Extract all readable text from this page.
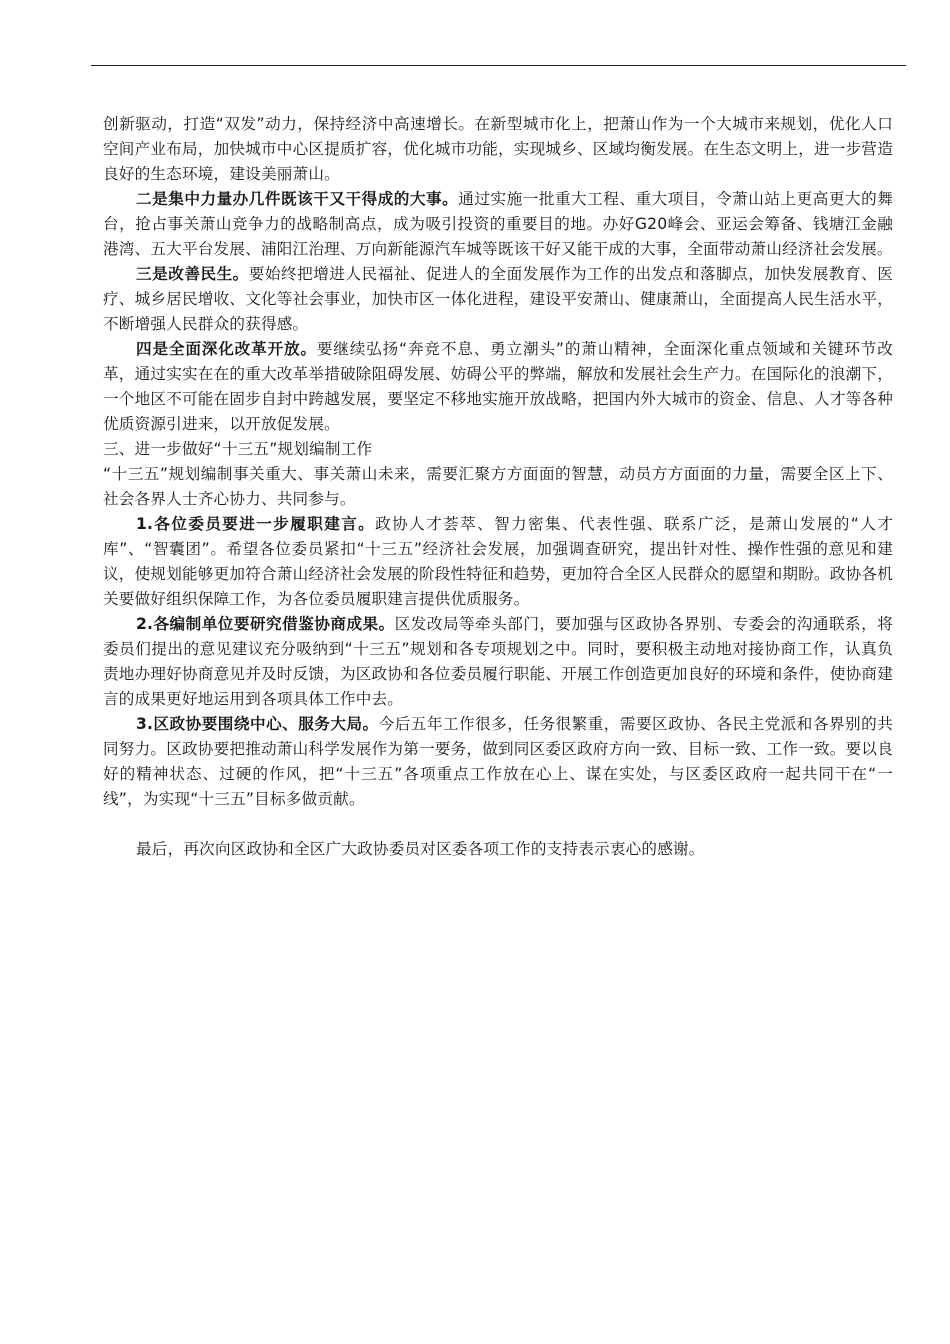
创新驱动，打造“双发”动力，保持经济中高速增长。在新型城市化上，把萧山作为一个大城市来规划，优化人口空间产业布局，加快城市中心区提质扩容，优化城市功能，实现城乡、区域均衡发展。在生态文明上，进一步营造良好的生态环境，建设美丽萧山。

二是集中力量办几件既该干又干得成的大事。通过实施一批重大工程、重大项目，令萧山站上更高更大的舞台，抢占事关萧山竞争力的战略制高点，成为吸引投资的重要目的地。办好G20峰会、亚运会筹备、钱塘江金融港湾、五大平台发展、浦阳江治理、万向新能源汽车城等既该干好又能干成的大事，全面带动萧山经济社会发展。

三是改善民生。要始终把增进人民福祉、促进人的全面发展作为工作的出发点和落脚点，加快发展教育、医疗、城乡居民增收、文化等社会事业，加快市区一体化进程，建设平安萧山、健康萧山，全面提高人民生活水平，不断增强人民群众的获得感。

四是全面深化改革开放。要继续弘扬“奔竞不息、勇立潮头”的萧山精神，全面深化重点领域和关键环节改革，通过实实在在的重大改革举措破除阻碍发展、妨碍公平的弊端，解放和发展社会生产力。在国际化的浪潮下，一个地区不可能在固步自封中跨越发展，要坚定不移地实施开放战略，把国内外大城市的资金、信息、人才等各种优质资源引进来，以开放促发展。

三、进一步做好“十三五”规划编制工作

“十三五”规划编制事关重大、事关萧山未来，需要汇聚方方面面的智慧，动员方方面面的力量，需要全区上下、社会各界人士齐心协力、共同参与。

1.各位委员要进一步履职建言。政协人才荟萃、智力密集、代表性强、联系广泛，是萧山发展的“人才库”、“智囊团”。希望各位委员紧扣“十三五”经济社会发展，加强调查研究，提出针对性、操作性强的意见和建议，使规划能够更加符合萧山经济社会发展的阶段性特征和趋势，更加符合全区人民群众的愿望和期盼。政协各机关要做好组织保障工作，为各位委员履职建言提供优质服务。

2.各编制单位要研究借鉴协商成果。区发改局等牵头部门，要加强与区政协各界别、专委会的沟通联系，将委员们提出的意见建议充分吸纳到“十三五”规划和各专项规划之中。同时，要积极主动地对接协商工作，认真负责地办理好协商意见并及时反馈，为区政协和各位委员履行职能、开展工作创造更加良好的环境和条件，使协商建言的成果更好地运用到各项具体工作中去。

3.区政协要围绕中心、服务大局。今后五年工作很多，任务很繁重，需要区政协、各民主党派和各界别的共同努力。区政协要把推动萧山科学发展作为第一要务，做到同区委区政府方向一致、目标一致、工作一致。要以良好的精神状态、过硬的作风，把“十三五”各项重点工作放在心上、谋在实处，与区委区政府一起共同干在“一线”，为实现“十三五”目标多做贡献。

最后，再次向区政协和全区广大政协委员对区委各项工作的支持表示衷心的感谢。
